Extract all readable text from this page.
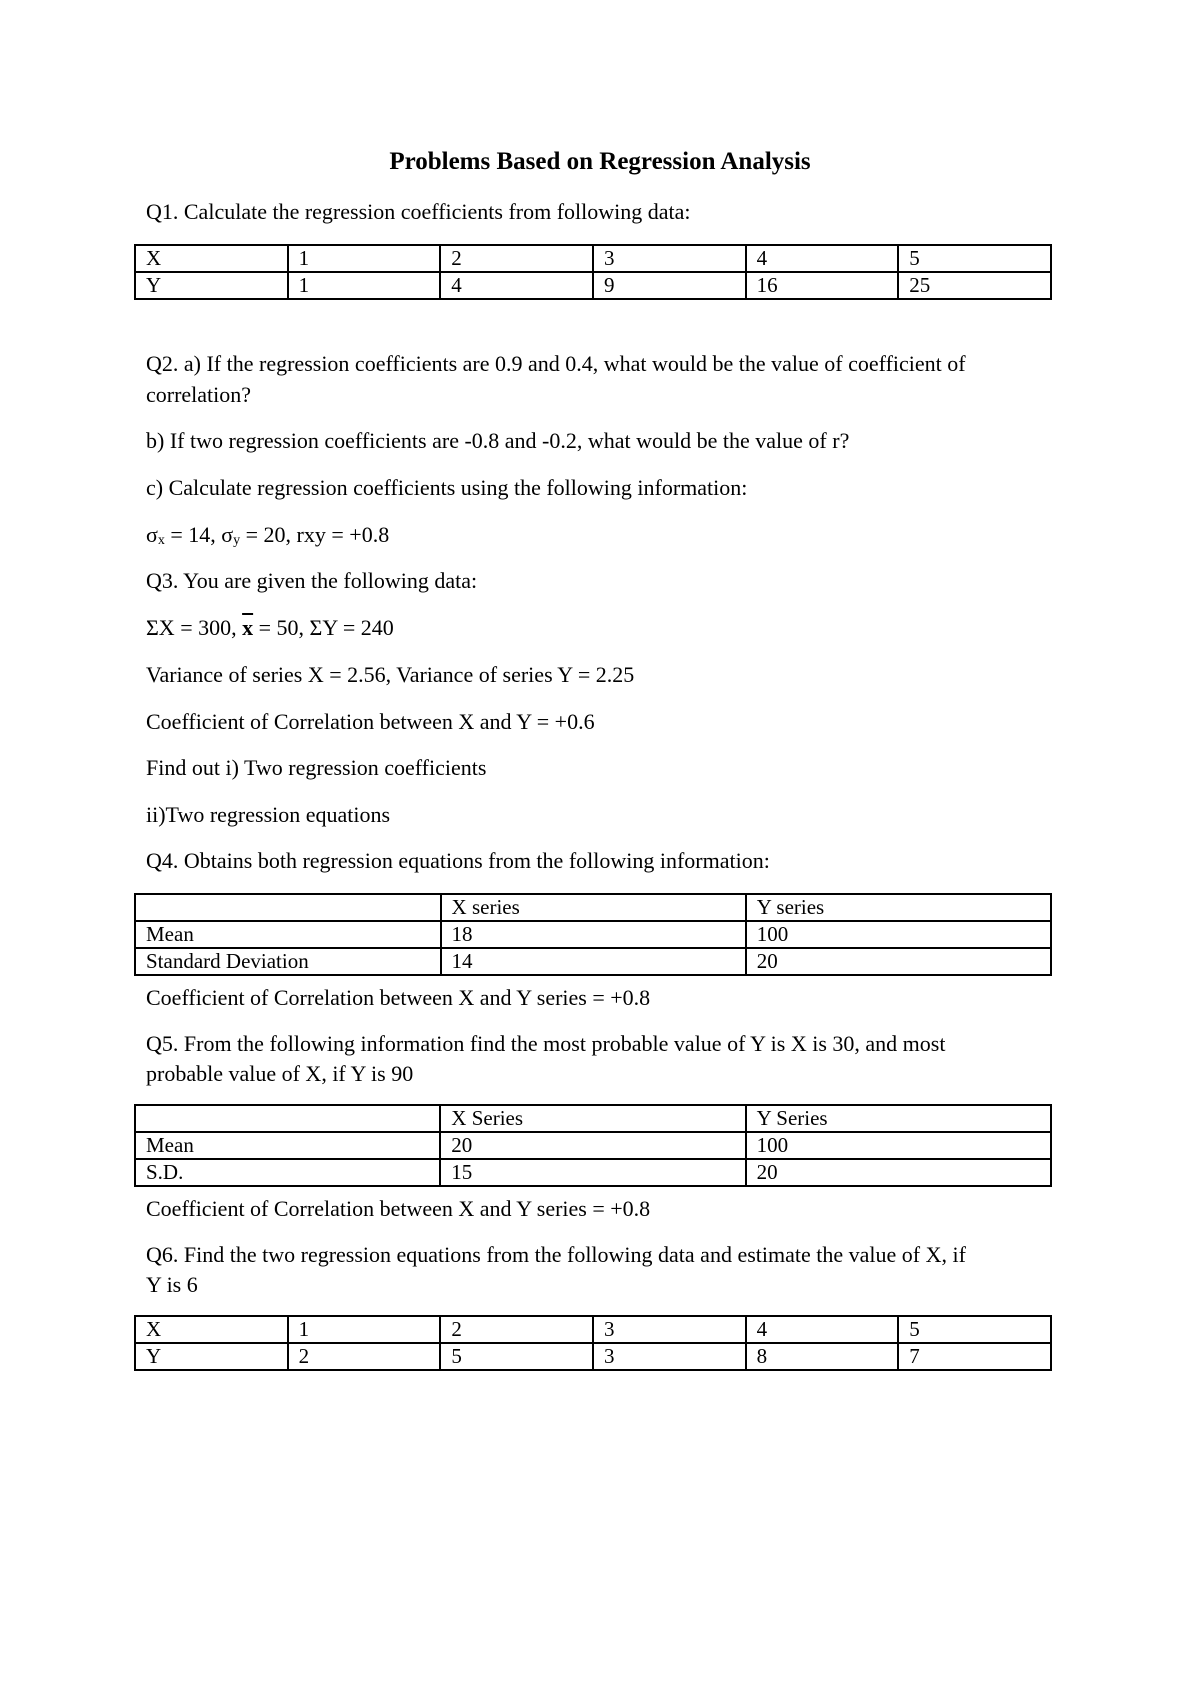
Problems Based on Regression Analysis

Q1. Calculate the regression coefficients from following data:

X	1	2	3	4	5
Y	1	4	9	16	25

Q2. a) If the regression coefficients are 0.9 and 0.4, what would be the value of coefficient of

correlation?

b) If two regression coefficients are -0.8 and -0.2, what would be the value of r?

c) Calculate regression coefficients using the following information:

σx = 14, σy = 20, rxy = +0.8

Q3. You are given the following data:

ΣX = 300, $\overline{x} = 50$, ΣY = 240

Variance of series X = 2.56, Variance of series Y = 2.25

Coefficient of Correlation between X and Y = +0.6

Find out i) Two regression coefficients

ii)Two regression equations

Q4. Obtains both regression equations from the following information:

	X series	Y series
Mean	18	100
Standard Deviation	14	20

Coefficient of Correlation between X and Y series = +0.8

Q5. From the following information find the most probable value of Y is X is 30, and most

probable value of X, if Y is 90

	X Series	Y Series
Mean	20	100
S.D.	15	20

Coefficient of Correlation between X and Y series = +0.8

Q6. Find the two regression equations from the following data and estimate the value of X, if

Y is 6

X	1	2	3	4	5
Y	2	5	3	8	7
